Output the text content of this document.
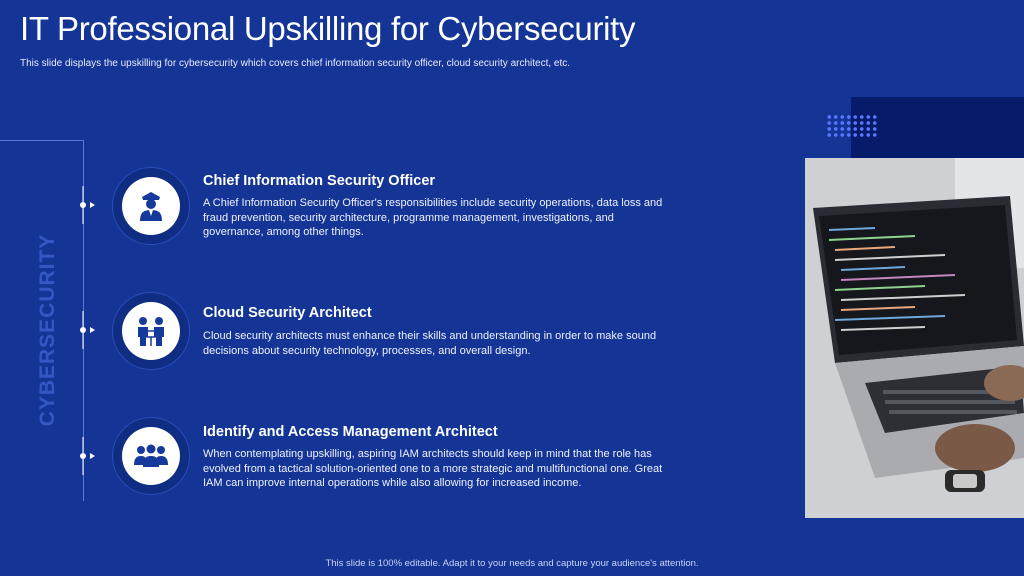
IT Professional Upskilling for Cybersecurity
This slide displays the upskilling for cybersecurity which covers chief information security officer, cloud security architect, etc.
CYBERSECURITY
Chief Information Security Officer
A Chief Information Security Officer's responsibilities include security operations, data loss and fraud prevention, security architecture, programme management, investigations, and governance, among other things.
Cloud Security Architect
Cloud security architects must enhance their skills and understanding in order to make sound decisions about security technology, processes, and overall design.
Identify and Access Management Architect
When contemplating upskilling, aspiring IAM architects should keep in mind that the role has evolved from a tactical solution-oriented one to a more strategic and multifunctional one. Great IAM can improve internal operations while also allowing for increased income.
This slide is 100% editable. Adapt it to your needs and capture your audience's attention.
